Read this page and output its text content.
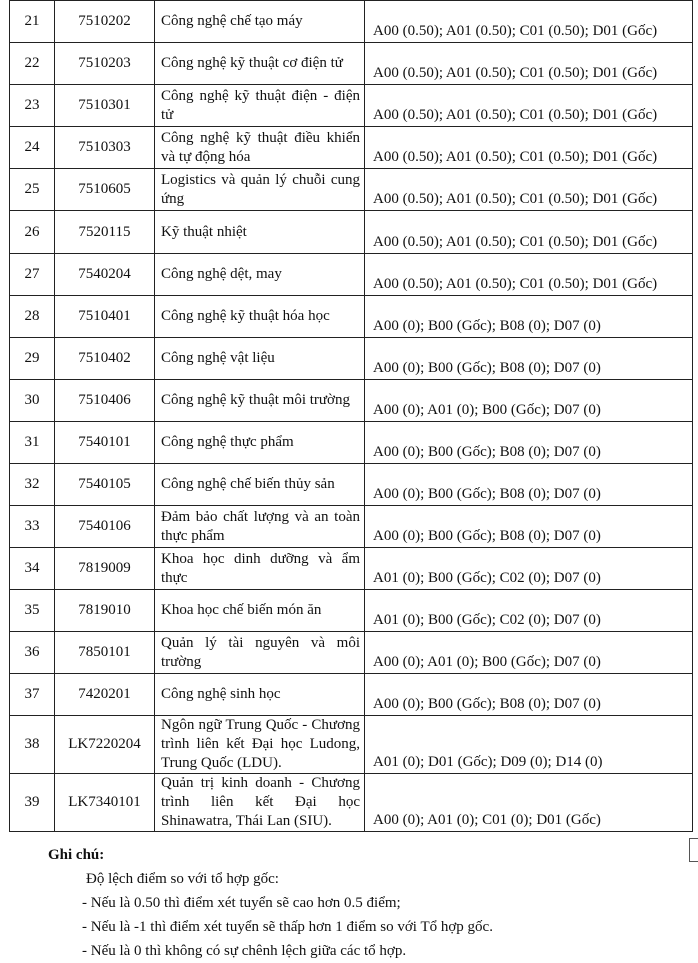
21	7510202	Công nghệ chế tạo máy	A00 (0.50); A01 (0.50); C01 (0.50); D01 (Gốc)
22	7510203	Công nghệ kỹ thuật cơ điện tử	A00 (0.50); A01 (0.50); C01 (0.50); D01 (Gốc)
23	7510301	Công nghệ kỹ thuật điện - điện tử	A00 (0.50); A01 (0.50); C01 (0.50); D01 (Gốc)
24	7510303	Công nghệ kỹ thuật điều khiển và tự động hóa	A00 (0.50); A01 (0.50); C01 (0.50); D01 (Gốc)
25	7510605	Logistics và quản lý chuỗi cung ứng	A00 (0.50); A01 (0.50); C01 (0.50); D01 (Gốc)
26	7520115	Kỹ thuật nhiệt	A00 (0.50); A01 (0.50); C01 (0.50); D01 (Gốc)
27	7540204	Công nghệ dệt, may	A00 (0.50); A01 (0.50); C01 (0.50); D01 (Gốc)
28	7510401	Công nghệ kỹ thuật hóa học	A00 (0); B00 (Gốc); B08 (0); D07 (0)
29	7510402	Công nghệ vật liệu	A00 (0); B00 (Gốc); B08 (0); D07 (0)
30	7510406	Công nghệ kỹ thuật môi trường	A00 (0); A01 (0); B00 (Gốc); D07 (0)
31	7540101	Công nghệ thực phẩm	A00 (0); B00 (Gốc); B08 (0); D07 (0)
32	7540105	Công nghệ chế biến thủy sản	A00 (0); B00 (Gốc); B08 (0); D07 (0)
33	7540106	Đảm bảo chất lượng và an toàn thực phẩm	A00 (0); B00 (Gốc); B08 (0); D07 (0)
34	7819009	Khoa học dinh dưỡng và ẩm thực	A01 (0); B00 (Gốc); C02 (0); D07 (0)
35	7819010	Khoa học chế biến món ăn	A01 (0); B00 (Gốc); C02 (0); D07 (0)
36	7850101	Quản lý tài nguyên và môi trường	A00 (0); A01 (0); B00 (Gốc); D07 (0)
37	7420201	Công nghệ sinh học	A00 (0); B00 (Gốc); B08 (0); D07 (0)
38	LK7220204	Ngôn ngữ Trung Quốc - Chương trình liên kết Đại học Ludong, Trung Quốc (LDU).	A01 (0); D01 (Gốc); D09 (0); D14 (0)
39	LK7340101	Quản trị kinh doanh - Chương trình liên kết Đại học Shinawatra, Thái Lan (SIU).	A00 (0); A01 (0); C01 (0); D01 (Gốc)
Ghi chú:
Độ lệch điểm so với tổ hợp gốc:
- Nếu là 0.50 thì điểm xét tuyển sẽ cao hơn 0.5 điểm;
- Nếu là -1 thì điểm xét tuyển sẽ thấp hơn 1 điểm so với Tổ hợp gốc.
- Nếu là 0 thì không có sự chênh lệch giữa các tổ hợp.
